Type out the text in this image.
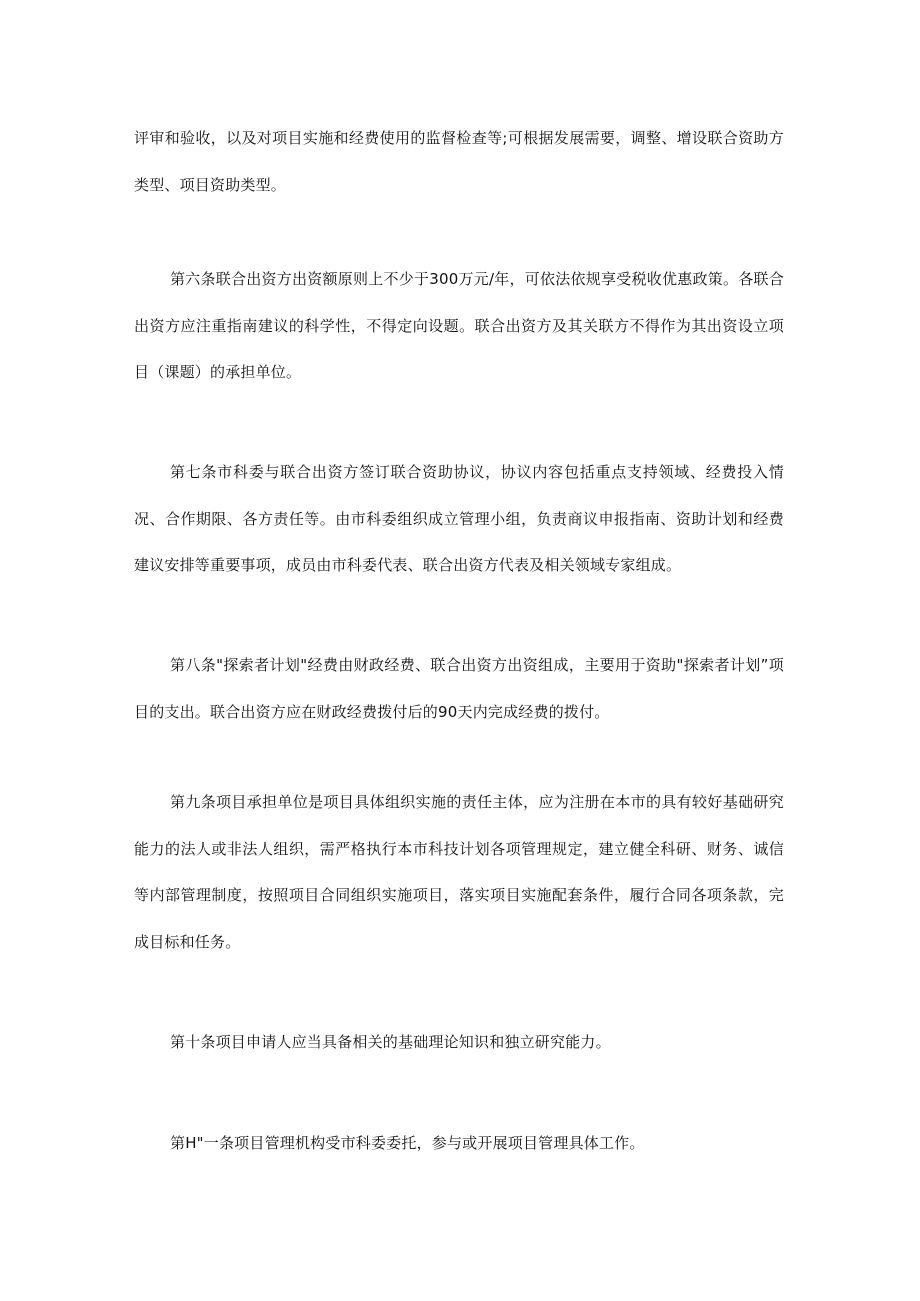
评审和验收，以及对项目实施和经费使用的监督检查等;可根据发展需要，调整、增设联合资助方类型、项目资助类型。

第六条联合出资方出资额原则上不少于300万元/年，可依法依规享受税收优惠政策。各联合出资方应注重指南建议的科学性，不得定向设题。联合出资方及其关联方不得作为其出资设立项目（课题）的承担单位。

第七条市科委与联合出资方签订联合资助协议，协议内容包括重点支持领域、经费投入情况、合作期限、各方责任等。由市科委组织成立管理小组，负责商议申报指南、资助计划和经费建议安排等重要事项，成员由市科委代表、联合出资方代表及相关领域专家组成。

第八条"探索者计划"经费由财政经费、联合出资方出资组成，主要用于资助"探索者计划”项目的支出。联合出资方应在财政经费拨付后的90天内完成经费的拨付。

第九条项目承担单位是项目具体组织实施的责任主体，应为注册在本市的具有较好基础研究能力的法人或非法人组织，需严格执行本市科技计划各项管理规定，建立健全科研、财务、诚信等内部管理制度，按照项目合同组织实施项目，落实项目实施配套条件，履行合同各项条款，完成目标和任务。

第十条项目申请人应当具备相关的基础理论知识和独立研究能力。

第H"一条项目管理机构受市科委委托，参与或开展项目管理具体工作。
